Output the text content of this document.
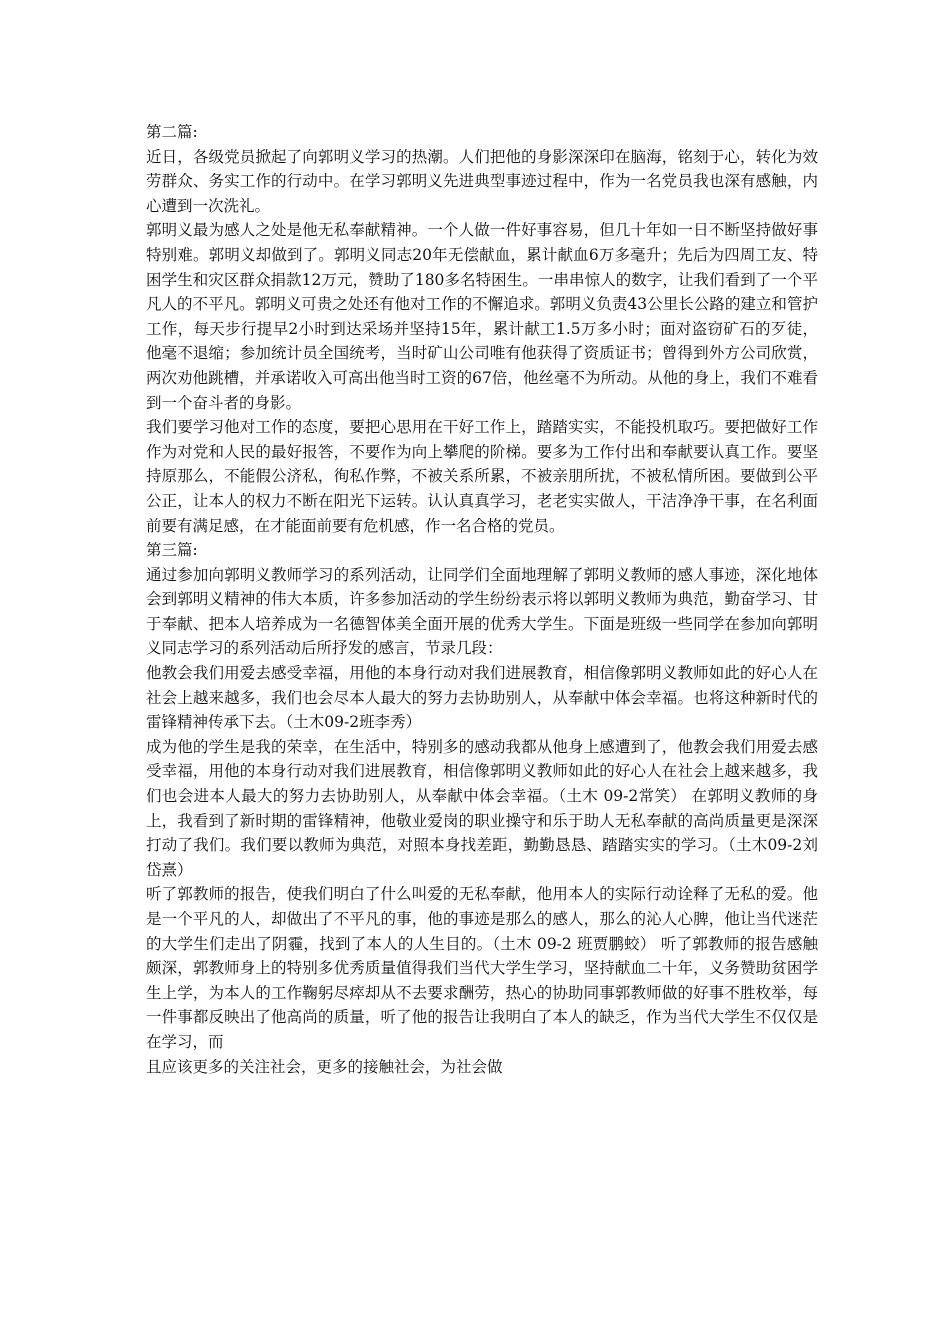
第二篇:

近日，各级党员掀起了向郭明义学习的热潮。人们把他的身影深深印在脑海，铭刻于心，转化为效劳群众、务实工作的行动中。在学习郭明义先进典型事迹过程中，作为一名党员我也深有感触，内心遭到一次洗礼。

郭明义最为感人之处是他无私奉献精神。一个人做一件好事容易，但几十年如一日不断坚持做好事特别难。郭明义却做到了。郭明义同志20年无偿献血，累计献血6万多毫升；先后为四周工友、特困学生和灾区群众捐款12万元，赞助了180多名特困生。一串串惊人的数字，让我们看到了一个平凡人的不平凡。郭明义可贵之处还有他对工作的不懈追求。郭明义负责43公里长公路的建立和管护工作，每天步行提早2小时到达采场并坚持15年，累计献工1.5万多小时；面对盗窃矿石的歹徒，他毫不退缩；参加统计员全国统考，当时矿山公司唯有他获得了资质证书；曾得到外方公司欣赏，两次劝他跳槽，并承诺收入可高出他当时工资的67倍，他丝毫不为所动。从他的身上，我们不难看到一个奋斗者的身影。

我们要学习他对工作的态度，要把心思用在干好工作上，踏踏实实，不能投机取巧。要把做好工作作为对党和人民的最好报答，不要作为向上攀爬的阶梯。要多为工作付出和奉献要认真工作。要坚持原那么，不能假公济私，徇私作弊，不被关系所累，不被亲朋所扰，不被私情所困。要做到公平公正，让本人的权力不断在阳光下运转。认认真真学习，老老实实做人，干洁净净干事，在名利面前要有满足感，在才能面前要有危机感，作一名合格的党员。

第三篇:

通过参加向郭明义教师学习的系列活动，让同学们全面地理解了郭明义教师的感人事迹，深化地体会到郭明义精神的伟大本质，许多参加活动的学生纷纷表示将以郭明义教师为典范，勤奋学习、甘于奉献、把本人培养成为一名德智体美全面开展的优秀大学生。下面是班级一些同学在参加向郭明义同志学习的系列活动后所抒发的感言，节录几段：

他教会我们用爱去感受幸福，用他的本身行动对我们进展教育，相信像郭明义教师如此的好心人在社会上越来越多，我们也会尽本人最大的努力去协助别人，从奉献中体会幸福。也将这种新时代的雷锋精神传承下去。（土木09-2班李秀）

成为他的学生是我的荣幸，在生活中，特别多的感动我都从他身上感遭到了，他教会我们用爱去感受幸福，用他的本身行动对我们进展教育，相信像郭明义教师如此的好心人在社会上越来越多，我们也会进本人最大的努力去协助别人，从奉献中体会幸福。（土木 09-2常笑） 在郭明义教师的身上，我看到了新时期的雷锋精神，他敬业爱岗的职业操守和乐于助人无私奉献的高尚质量更是深深打动了我们。我们要以教师为典范，对照本身找差距，勤勤恳恳、踏踏实实的学习。（土木09-2刘岱熹）

听了郭教师的报告，使我们明白了什么叫爱的无私奉献，他用本人的实际行动诠释了无私的爱。他是一个平凡的人，却做出了不平凡的事，他的事迹是那么的感人，那么的沁人心脾，他让当代迷茫的大学生们走出了阴霾，找到了本人的人生目的。（土木 09-2 班贾鹏蛟） 听了郭教师的报告感触颇深，郭教师身上的特别多优秀质量值得我们当代大学生学习，坚持献血二十年，义务赞助贫困学生上学，为本人的工作鞠躬尽瘁却从不去要求酬劳，热心的协助同事郭教师做的好事不胜枚举，每一件事都反映出了他高尚的质量，听了他的报告让我明白了本人的缺乏，作为当代大学生不仅仅是在学习，而

且应该更多的关注社会，更多的接触社会，为社会做
